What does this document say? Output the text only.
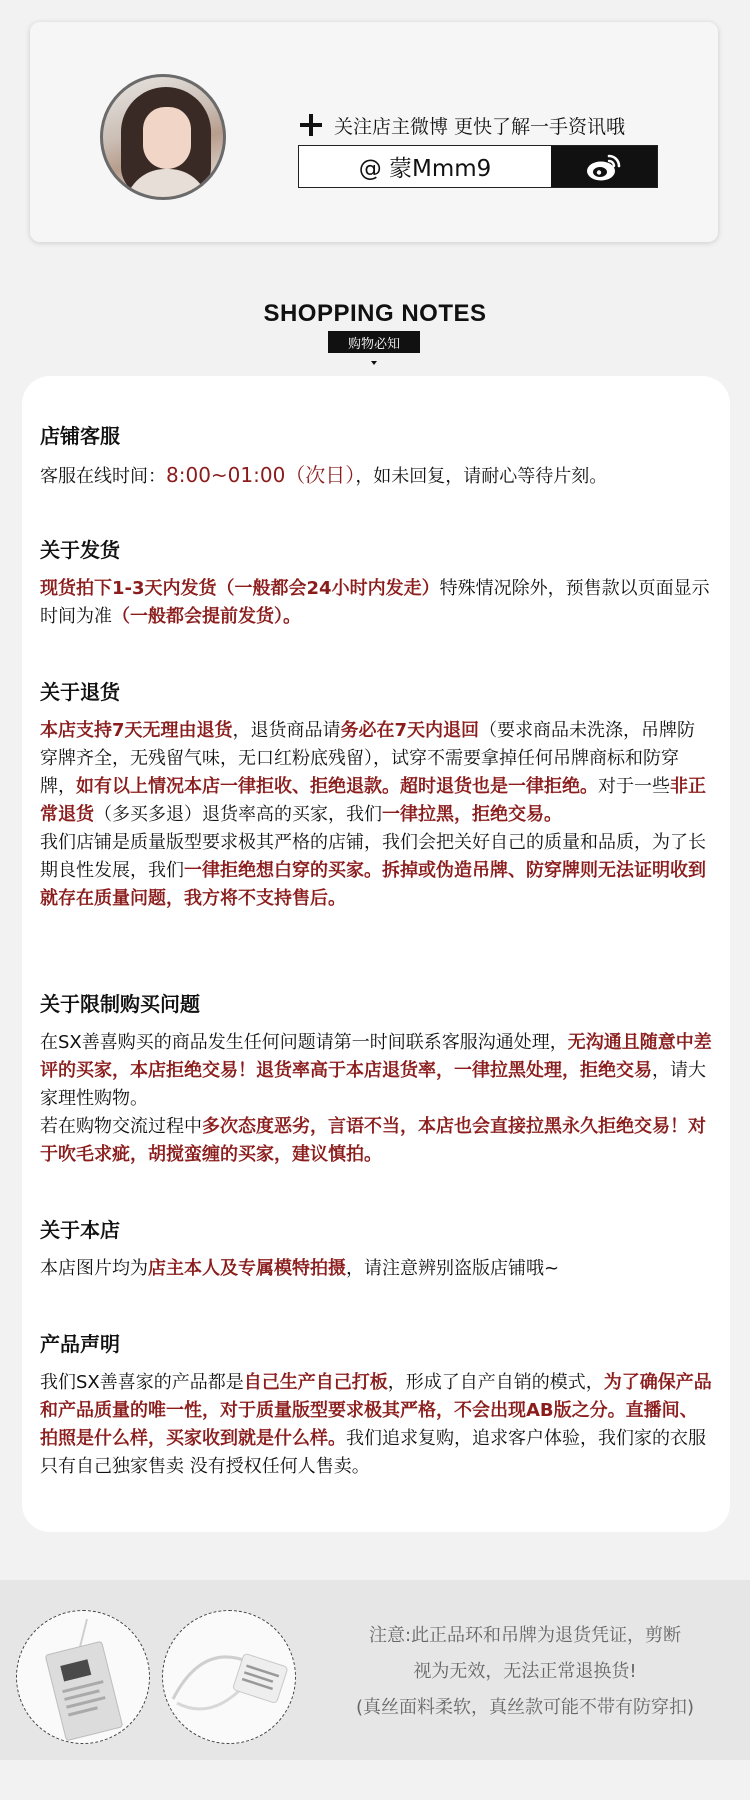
关注店主微博 更快了解一手资讯哦
@ 蒙Mmm9
SHOPPING NOTES
购物必知
店铺客服
客服在线时间：8:00~01:00（次日），如未回复，请耐心等待片刻。
关于发货
现货拍下1-3天内发货（一般都会24小时内发走）特殊情况除外，预售款以页面显示时间为准（一般都会提前发货）。
关于退货

本店支持7天无理由退货，退货商品请务必在7天内退回（要求商品未洗涤，吊牌防穿牌齐全，无残留气味，无口红粉底残留），试穿不需要拿掉任何吊牌商标和防穿牌，如有以上情况本店一律拒收、拒绝退款。超时退货也是一律拒绝。对于一些非正常退货（多买多退）退货率高的买家，我们一律拉黑，拒绝交易。

我们店铺是质量版型要求极其严格的店铺，我们会把关好自己的质量和品质，为了长期良性发展，我们一律拒绝想白穿的买家。拆掉或伪造吊牌、防穿牌则无法证明收到就存在质量问题，我方将不支持售后。

关于限制购买问题

在SX善喜购买的商品发生任何问题请第一时间联系客服沟通处理，无沟通且随意中差评的买家，本店拒绝交易！退货率高于本店退货率，一律拉黑处理，拒绝交易，请大家理性购物。

若在购物交流过程中多次态度恶劣，言语不当，本店也会直接拉黑永久拒绝交易！对于吹毛求疵，胡搅蛮缠的买家，建议慎拍。

关于本店
本店图片均为店主本人及专属模特拍摄，请注意辨别盗版店铺哦~
产品声明
我们SX善喜家的产品都是自己生产自己打板，形成了自产自销的模式，为了确保产品和产品质量的唯一性，对于质量版型要求极其严格，不会出现AB版之分。直播间、拍照是什么样，买家收到就是什么样。我们追求复购，追求客户体验，我们家的衣服只有自己独家售卖 没有授权任何人售卖。
注意:此正品环和吊牌为退货凭证，剪断
视为无效，无法正常退换货!
(真丝面料柔软，真丝款可能不带有防穿扣)
